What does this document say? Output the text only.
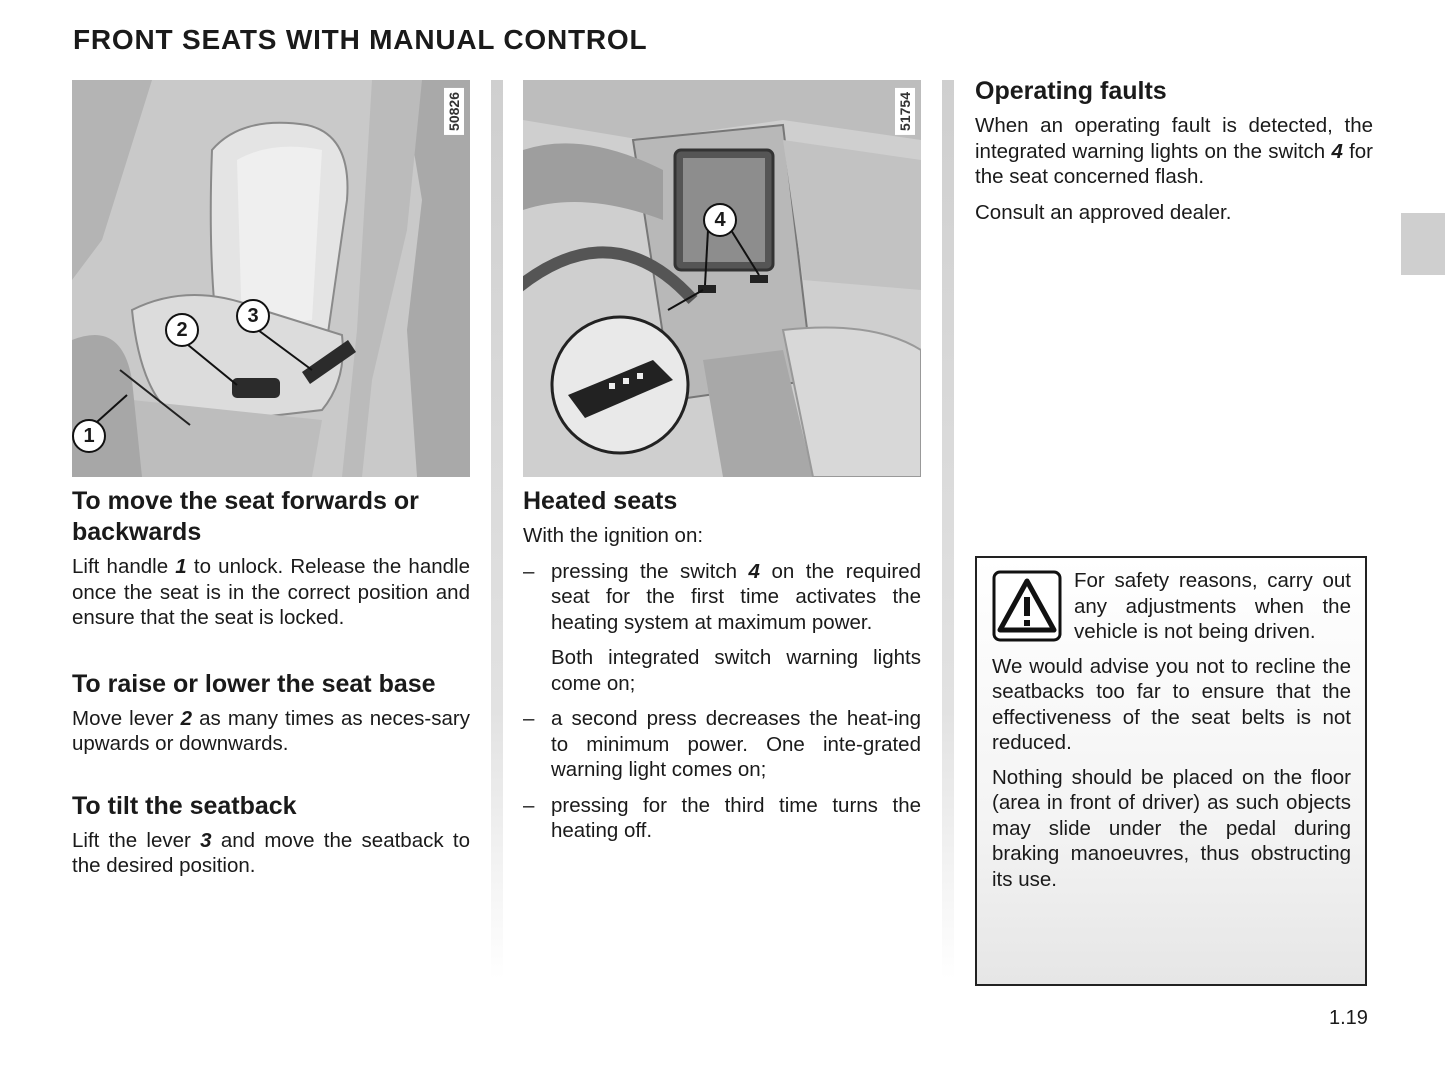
FRONT SEATS WITH MANUAL CONTROL
50826
1
2
3
To move the seat forwards or backwards

Lift handle 1 to unlock. Release the handle once the seat is in the correct position and ensure that the seat is locked.

To raise or lower the seat base

Move lever 2 as many times as neces-sary upwards or downwards.

To tilt the seatback

Lift the lever 3 and move the seatback to the desired position.

51754
4
Heated seats

With the ignition on:

– pressing the switch 4 on the required seat for the first time activates the heating system at maximum power.

Both integrated switch warning lights come on;

– a second press decreases the heat-ing to minimum power. One inte-grated warning light comes on;
– pressing for the third time turns the heating off.
Operating faults

When an operating fault is detected, the integrated warning lights on the switch 4 for the seat concerned flash.

Consult an approved dealer.

For safety reasons, carry out any adjustments when the vehicle is not being driven.

We would advise you not to recline the seatbacks too far to ensure that the effectiveness of the seat belts is not reduced.

Nothing should be placed on the floor (area in front of driver) as such objects may slide under the pedal during braking manoeuvres, thus obstructing its use.

1.19
